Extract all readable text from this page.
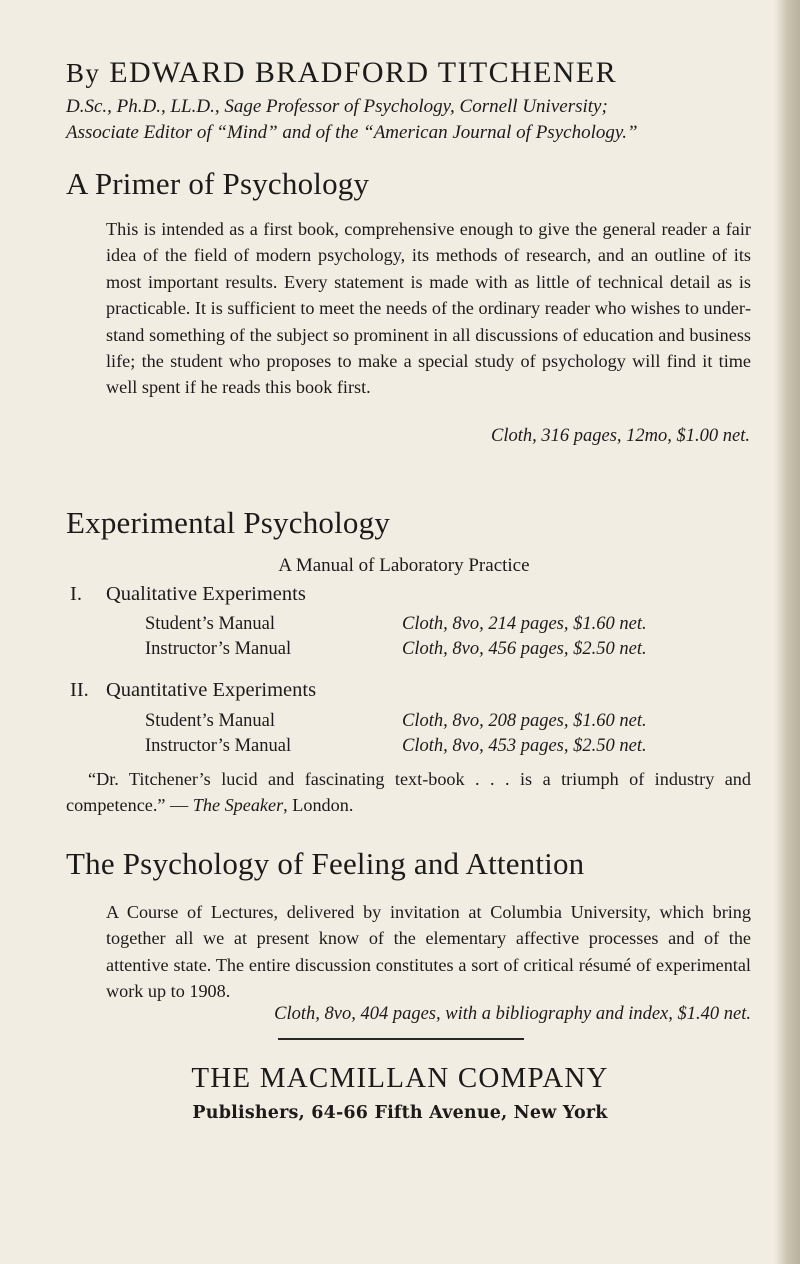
By EDWARD BRADFORD TITCHENER
D.Sc., Ph.D., LL.D., Sage Professor of Psychology, Cornell University;
Associate Editor of “Mind” and of the “American Journal of Psychology.”
A Primer of Psychology
This is intended as a first book, comprehensive enough to give the general reader a fair idea of the field of modern psychology, its methods of research, and an outline of its most important results. Every statement is made with as little of technical detail as is practicable. It is sufficient to meet the needs of the ordinary reader who wishes to understand something of the subject so prominent in all discussions of education and business life; the student who proposes to make a special study of psychology will find it time well spent if he reads this book first.
Cloth, 316 pages, 12mo, $1.00 net.
Experimental Psychology
A Manual of Laboratory Practice
I. Qualitative Experiments
Student’s Manual	Cloth, 8vo, 214 pages, $1.60 net.
Instructor’s Manual	Cloth, 8vo, 456 pages, $2.50 net.
II. Quantitative Experiments
Student’s Manual	Cloth, 8vo, 208 pages, $1.60 net.
Instructor’s Manual	Cloth, 8vo, 453 pages, $2.50 net.
“Dr. Titchener’s lucid and fascinating text-book . . . is a triumph of industry and competence.” — The Speaker, London.
The Psychology of Feeling and Attention
A Course of Lectures, delivered by invitation at Columbia University, which bring together all we at present know of the elementary affective processes and of the attentive state. The entire discussion constitutes a sort of critical résumé of experimental work up to 1908.
Cloth, 8vo, 404 pages, with a bibliography and index, $1.40 net.
THE MACMILLAN COMPANY
Publishers, 64-66 Fifth Avenue, New York
